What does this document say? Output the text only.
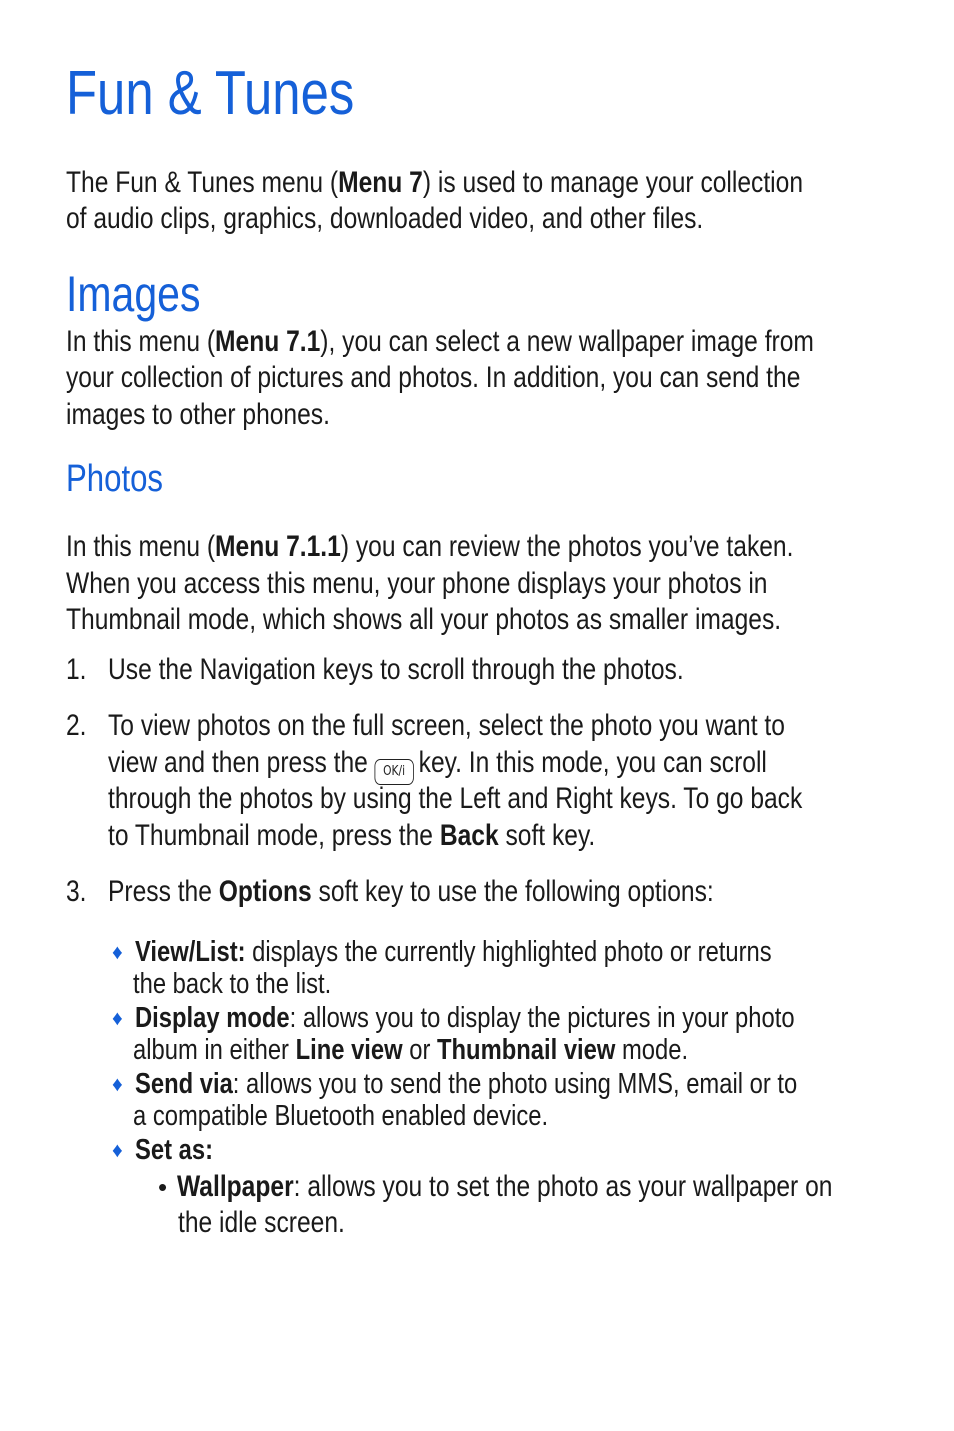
Fun & Tunes
The Fun & Tunes menu (Menu 7) is used to manage your collection
of audio clips, graphics, downloaded video, and other files.
Images
In this menu (Menu 7.1), you can select a new wallpaper image from
your collection of pictures and photos. In addition, you can send the
images to other phones.
Photos
In this menu (Menu 7.1.1) you can review the photos you’ve taken.
When you access this menu, your phone displays your photos in
Thumbnail mode, which shows all your photos as smaller images.
1. Use the Navigation keys to scroll through the photos.
2. To view photos on the full screen, select the photo you want to
view and then press the OK/i key. In this mode, you can scroll
through the photos by using the Left and Right keys. To go back
to Thumbnail mode, press the Back soft key.
3. Press the Options soft key to use the following options:
♦ View/List: displays the currently highlighted photo or returns
the back to the list.
♦ Display mode: allows you to display the pictures in your photo
album in either Line view or Thumbnail view mode.
♦ Send via: allows you to send the photo using MMS, email or to
a compatible Bluetooth enabled device.
♦ Set as:
• Wallpaper: allows you to set the photo as your wallpaper on
the idle screen.
